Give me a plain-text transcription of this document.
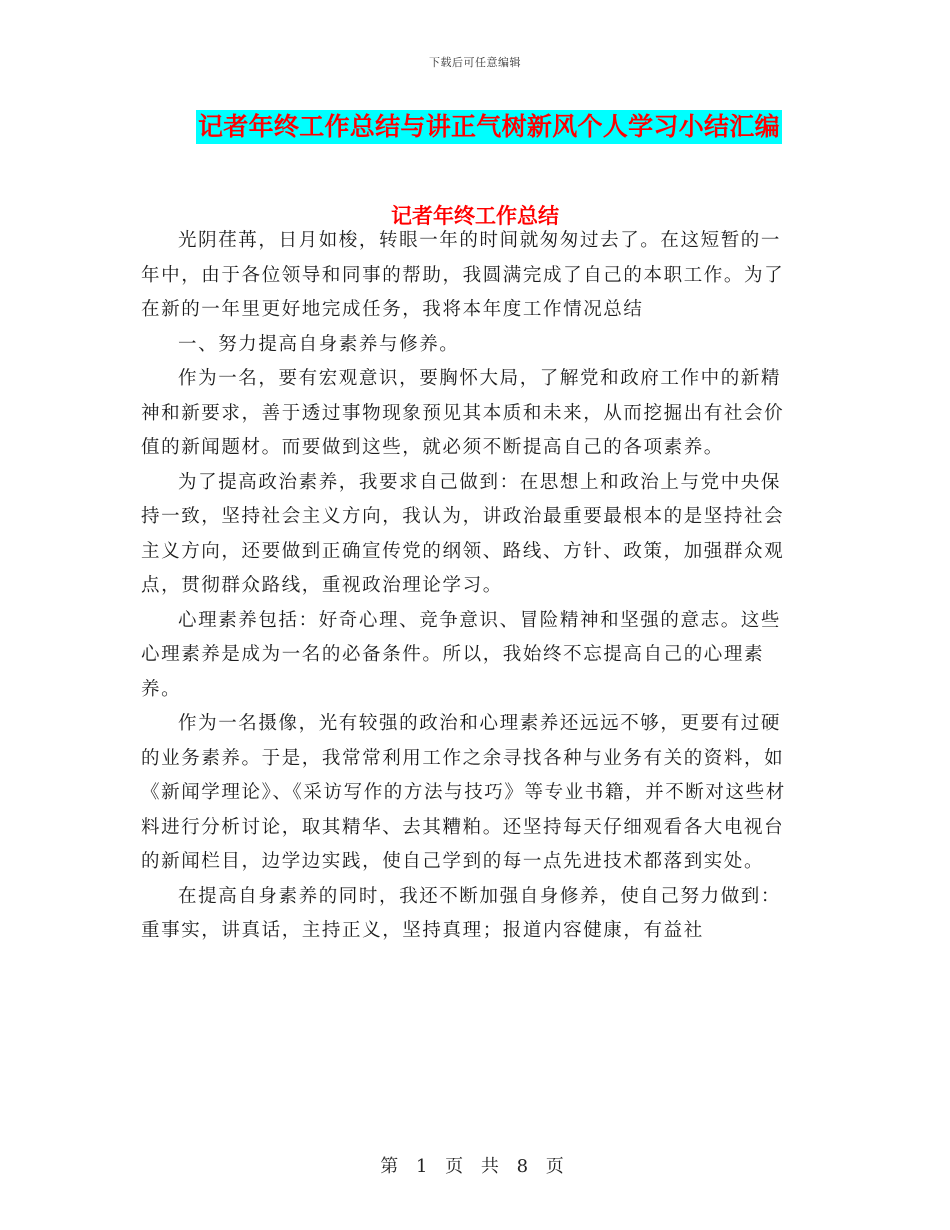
下载后可任意编辑
记者年终工作总结与讲正气树新风个人学习小结汇编
记者年终工作总结

光阴荏苒，日月如梭，转眼一年的时间就匆匆过去了。在这短暂的一年中，由于各位领导和同事的帮助，我圆满完成了自己的本职工作。为了在新的一年里更好地完成任务，我将本年度工作情况总结

一、努力提高自身素养与修养。

作为一名，要有宏观意识，要胸怀大局，了解党和政府工作中的新精神和新要求，善于透过事物现象预见其本质和未来，从而挖掘出有社会价值的新闻题材。而要做到这些，就必须不断提高自己的各项素养。

为了提高政治素养，我要求自己做到：在思想上和政治上与党中央保持一致，坚持社会主义方向，我认为，讲政治最重要最根本的是坚持社会主义方向，还要做到正确宣传党的纲领、路线、方针、政策，加强群众观点，贯彻群众路线，重视政治理论学习。

心理素养包括：好奇心理、竞争意识、冒险精神和坚强的意志。这些心理素养是成为一名的必备条件。所以，我始终不忘提高自己的心理素养。

作为一名摄像，光有较强的政治和心理素养还远远不够，更要有过硬的业务素养。于是，我常常利用工作之余寻找各种与业务有关的资料，如《新闻学理论》、《采访写作的方法与技巧》等专业书籍，并不断对这些材料进行分析讨论，取其精华、去其糟粕。还坚持每天仔细观看各大电视台的新闻栏目，边学边实践，使自己学到的每一点先进技术都落到实处。

在提高自身素养的同时，我还不断加强自身修养，使自己努力做到：重事实，讲真话，主持正义，坚持真理；报道内容健康，有益社

第 1 页 共 8 页
